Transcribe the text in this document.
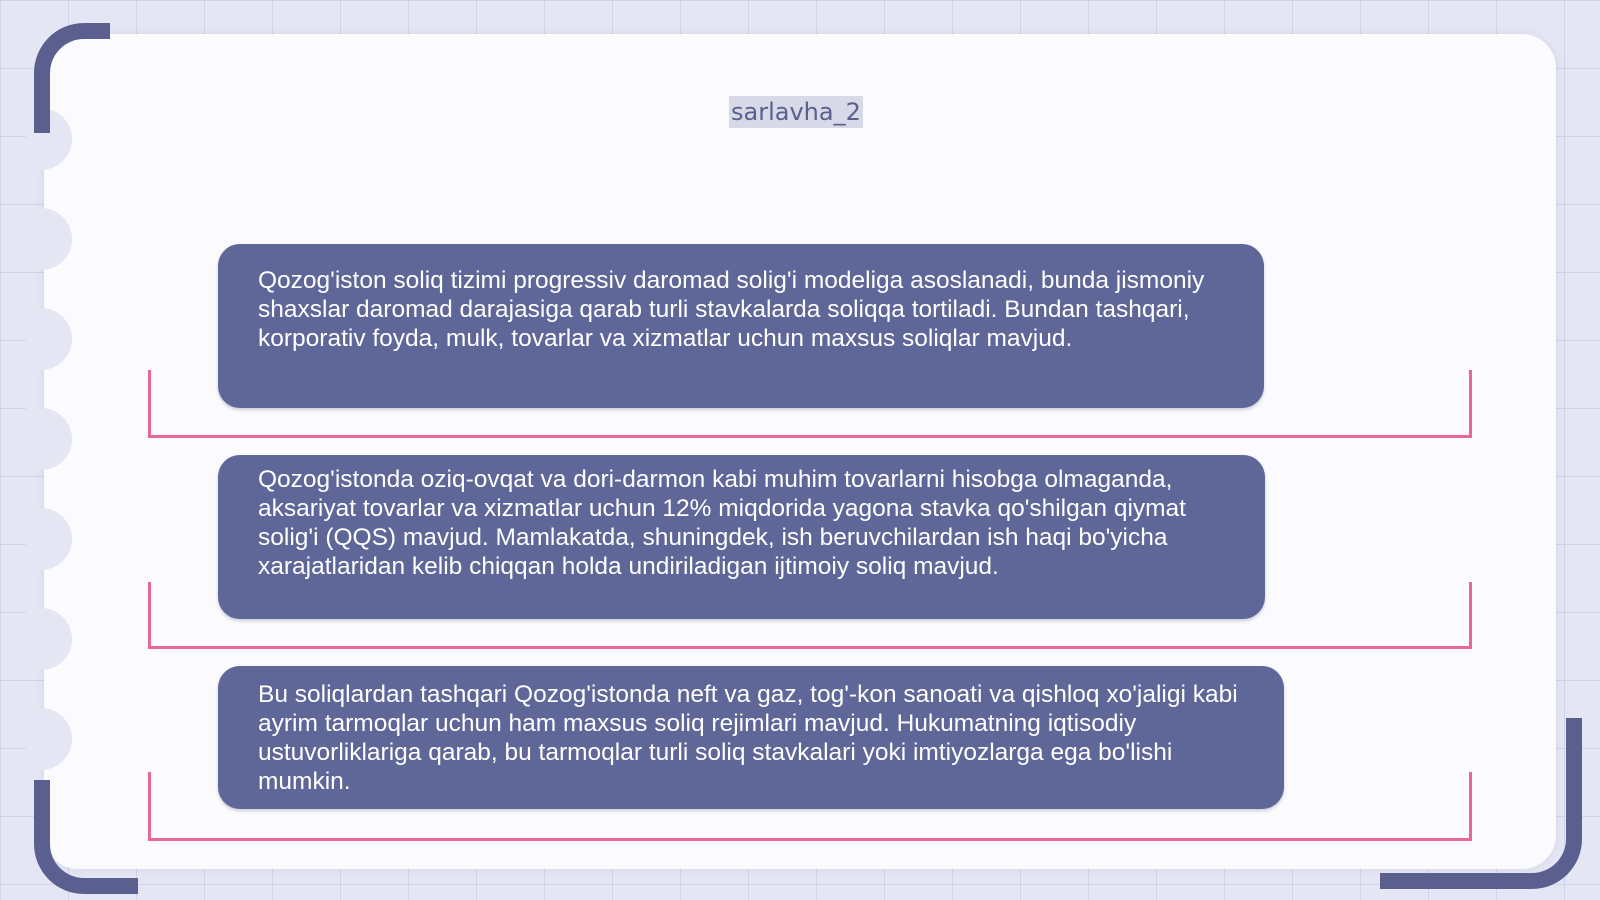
sarlavha_2
Qozog'iston soliq tizimi progressiv daromad solig'i modeliga asoslanadi, bunda jismoniy shaxslar daromad darajasiga qarab turli stavkalarda soliqqa tortiladi. Bundan tashqari, korporativ foyda, mulk, tovarlar va xizmatlar uchun maxsus soliqlar mavjud.
Qozog'istonda oziq-ovqat va dori-darmon kabi muhim tovarlarni hisobga olmaganda, aksariyat tovarlar va xizmatlar uchun 12% miqdorida yagona stavka qo'shilgan qiymat solig'i (QQS) mavjud. Mamlakatda, shuningdek, ish beruvchilardan ish haqi bo'yicha xarajatlaridan kelib chiqqan holda undiriladigan ijtimoiy soliq mavjud.
Bu soliqlardan tashqari Qozog'istonda neft va gaz, tog'-kon sanoati va qishloq xo'jaligi kabi ayrim tarmoqlar uchun ham maxsus soliq rejimlari mavjud. Hukumatning iqtisodiy ustuvorliklariga qarab, bu tarmoqlar turli soliq stavkalari yoki imtiyozlarga ega bo'lishi mumkin.
